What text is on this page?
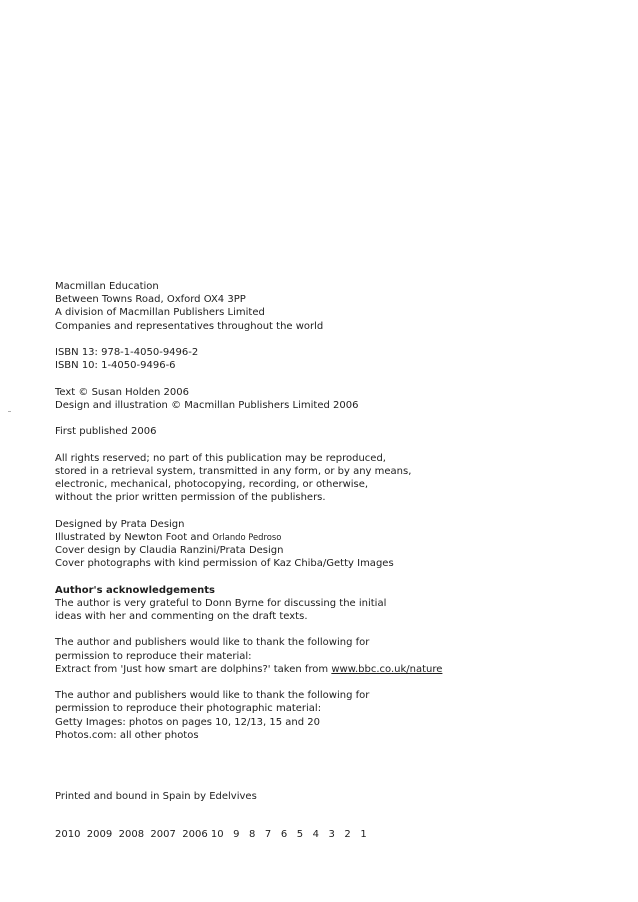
Macmillan Education
Between Towns Road, Oxford OX4 3PP
A division of Macmillan Publishers Limited
Companies and representatives throughout the world
ISBN 13: 978-1-4050-9496-2
ISBN 10: 1-4050-9496-6
Text © Susan Holden 2006
Design and illustration © Macmillan Publishers Limited 2006
First published 2006
All rights reserved; no part of this publication may be reproduced,
stored in a retrieval system, transmitted in any form, or by any means,
electronic, mechanical, photocopying, recording, or otherwise,
without the prior written permission of the publishers.
Designed by Prata Design
Illustrated by Newton Foot and Orlando Pedroso
Cover design by Claudia Ranzini/Prata Design
Cover photographs with kind permission of Kaz Chiba/Getty Images
Author's acknowledgements
The author is very grateful to Donn Byrne for discussing the initial
ideas with her and commenting on the draft texts.
The author and publishers would like to thank the following for
permission to reproduce their material:
Extract from 'Just how smart are dolphins?' taken from www.bbc.co.uk/nature
The author and publishers would like to thank the following for
permission to reproduce their photographic material:
Getty Images: photos on pages 10, 12/13, 15 and 20
Photos.com: all other photos
Printed and bound in Spain by Edelvives
2010  2009  2008  2007  2006 10   9   8   7   6   5   4   3   2   1
